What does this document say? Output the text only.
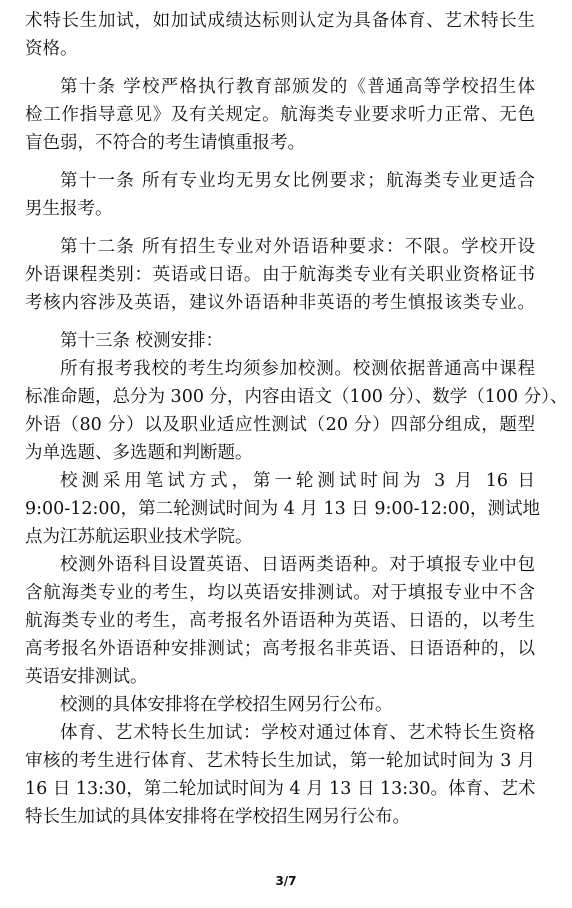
术特长生加试，如加试成绩达标则认定为具备体育、艺术特长生
资格。
第十条 学校严格执行教育部颁发的《普通高等学校招生体
检工作指导意见》及有关规定。航海类专业要求听力正常、无色
盲色弱，不符合的考生请慎重报考。
第十一条 所有专业均无男女比例要求；航海类专业更适合
男生报考。
第十二条 所有招生专业对外语语种要求：不限。学校开设
外语课程类别：英语或日语。由于航海类专业有关职业资格证书
考核内容涉及英语，建议外语语种非英语的考生慎报该类专业。
第十三条 校测安排：
所有报考我校的考生均须参加校测。校测依据普通高中课程
标准命题，总分为 300 分，内容由语文（100 分）、数学（100 分）、
外语（80 分）以及职业适应性测试（20 分）四部分组成，题型
为单选题、多选题和判断题。
校测采用笔试方式，第一轮测试时间为 3 月 16 日
9:00-12:00，第二轮测试时间为 4 月 13 日 9:00-12:00，测试地
点为江苏航运职业技术学院。
校测外语科目设置英语、日语两类语种。对于填报专业中包
含航海类专业的考生，均以英语安排测试。对于填报专业中不含
航海类专业的考生，高考报名外语语种为英语、日语的，以考生
高考报名外语语种安排测试；高考报名非英语、日语语种的，以
英语安排测试。
校测的具体安排将在学校招生网另行公布。
体育、艺术特长生加试：学校对通过体育、艺术特长生资格
审核的考生进行体育、艺术特长生加试，第一轮加试时间为 3 月
16 日 13:30，第二轮加试时间为 4 月 13 日 13:30。体育、艺术
特长生加试的具体安排将在学校招生网另行公布。
3/7
